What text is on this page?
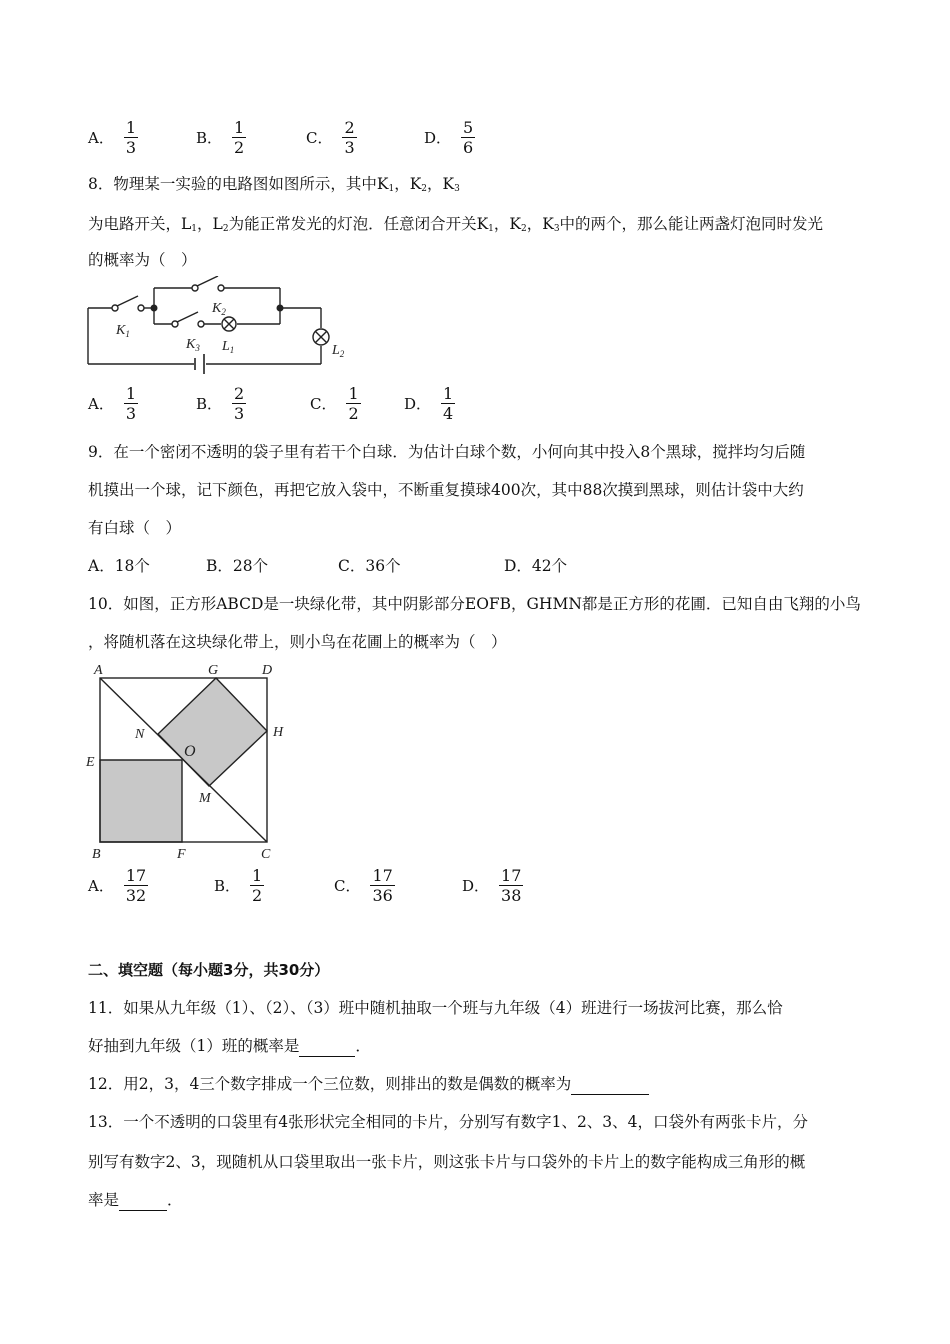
A． $\frac{1}{3}$	B． $\frac{1}{2}$	C． $\frac{2}{3}$	D． $\frac{5}{6}$
8．物理某一实验的电路图如图所示，其中$K_1$，$K_2$，$K_3$
为电路开关，$L_1$，$L_2$为能正常发光的灯泡．任意闭合开关$K_1$，$K_2$，$K_3$中的两个，那么能让两盏灯泡同时发光
的概率为（　）
$K_1$
$K_2$
$K_3$ $L_1$	$L_2$
A． $\frac{1}{3}$	B． $\frac{2}{3}$	C． $\frac{1}{2}$	D． $\frac{1}{4}$
9．在一个密闭不透明的袋子里有若干个白球．为估计白球个数，小何向其中投入8个黑球，搅拌均匀后随
机摸出一个球，记下颜色，再把它放入袋中，不断重复摸球400次，其中88次摸到黑球，则估计袋中大约
有白球（　）
A．18个	B．28个	C．36个	D．42个
10．如图，正方形ABCD是一块绿化带，其中阴影部分EOFB，GHMN都是正方形的花圃．已知自由飞翔的小鸟
，将随机落在这块绿化带上，则小鸟在花圃上的概率为（　）
A	G	D
N	H
O
E
M
B	F	C
A． $\frac{17}{32}$	B． $\frac{1}{2}$	C． $\frac{17}{36}$	D． $\frac{17}{38}$
二、填空题（每小题3分，共30分）
11．如果从九年级（1）、（2）、（3）班中随机抽取一个班与九年级（4）班进行一场拔河比赛，那么恰
好抽到九年级（1）班的概率是	．
12．用2，3，4三个数字排成一个三位数，则排出的数是偶数的概率为
13．一个不透明的口袋里有4张形状完全相同的卡片，分别写有数字1、2、3、4，口袋外有两张卡片，分
别写有数字2、3，现随机从口袋里取出一张卡片，则这张卡片与口袋外的卡片上的数字能构成三角形的概
率是	．
